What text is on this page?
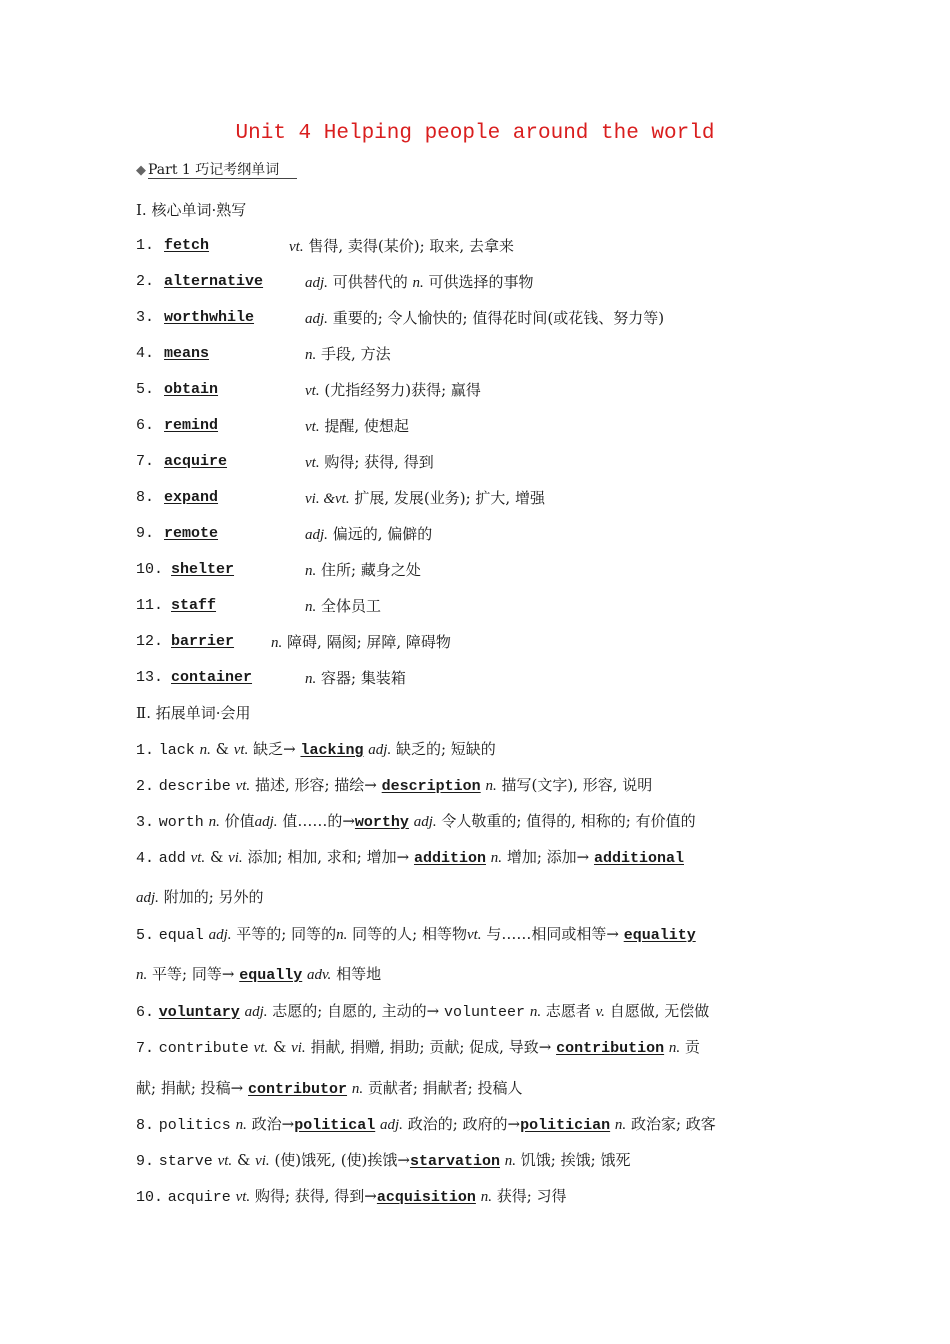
Unit 4 Helping people around the world
◆ Part 1 巧记考纲单词
Ⅰ. 核心单词·熟写
1. fetch	vt. 售得, 卖得(某价); 取来, 去拿来
2. alternative	adj. 可供替代的 n. 可供选择的事物
3. worthwhile	adj. 重要的; 令人愉快的; 值得花时间(或花钱、努力等)
4. means	n. 手段, 方法
5. obtain	vt. (尤指经努力)获得; 赢得
6. remind	vt. 提醒, 使想起
7. acquire	vt. 购得; 获得, 得到
8. expand	vi. &vt. 扩展, 发展(业务); 扩大, 增强
9. remote	adj. 偏远的, 偏僻的
10. shelter	n. 住所; 藏身之处
11. staff	n. 全体员工
12. barrier n. 障碍, 隔阂; 屏障, 障碍物
13. container	n. 容器; 集装箱
Ⅱ. 拓展单词·会用
1. lack n. & vt. 缺乏→ lacking adj. 缺乏的; 短缺的
2. describe vt. 描述, 形容; 描绘→ description n. 描写(文字), 形容, 说明
3. worth n. 价值adj. 值……的→worthy adj. 令人敬重的; 值得的, 相称的; 有价值的
4. add vt. & vi. 添加; 相加, 求和; 增加→ addition n. 增加; 添加→ additional
adj. 附加的; 另外的
5. equal adj. 平等的; 同等的n. 同等的人; 相等物vt. 与……相同或相等→ equality
n. 平等; 同等→ equally adv. 相等地
6. voluntary adj. 志愿的; 自愿的, 主动的→ volunteer n. 志愿者 v. 自愿做, 无偿做
7. contribute vt. & vi. 捐献, 捐赠, 捐助; 贡献; 促成, 导致→ contribution n. 贡
献; 捐献; 投稿→ contributor n. 贡献者; 捐献者; 投稿人
8. politics n. 政治→political adj. 政治的; 政府的→politician n. 政治家; 政客
9. starve vt. & vi. (使)饿死, (使)挨饿→starvation n. 饥饿; 挨饿; 饿死
10. acquire vt. 购得; 获得, 得到→acquisition n. 获得; 习得
